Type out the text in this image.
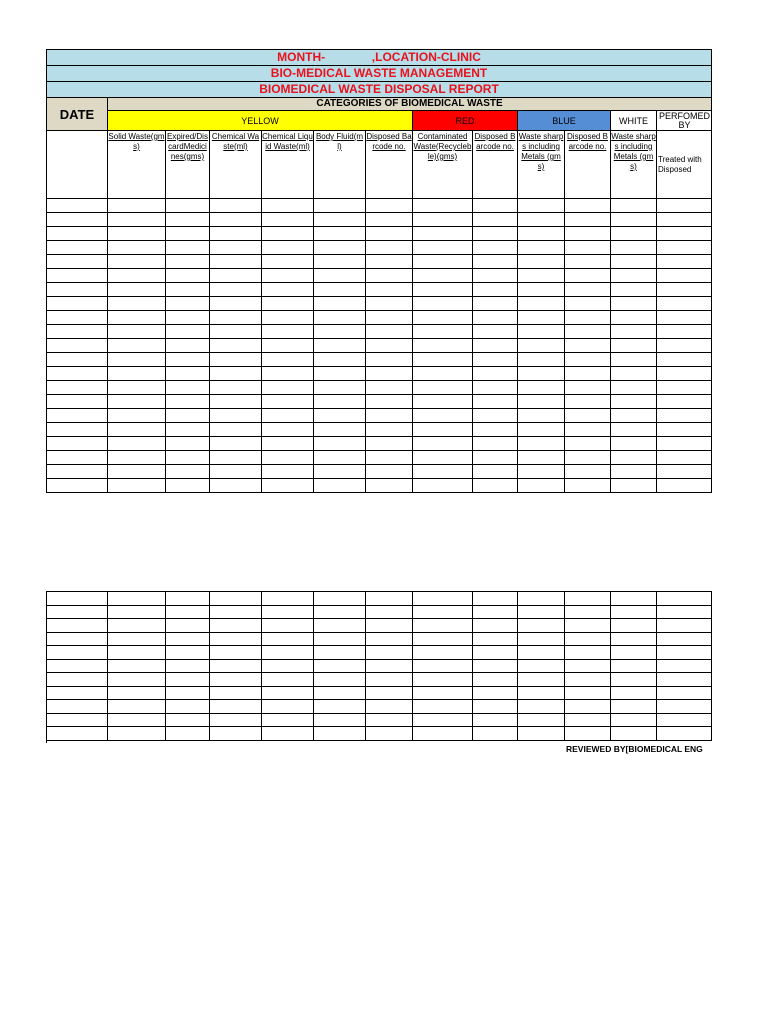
MONTH-              ,LOCATION-CLINIC												
BIO-MEDICAL WASTE MANAGEMENT												
BIOMEDICAL WASTE DISPOSAL REPORT												
DATE	CATEGORIES OF BIOMEDICAL WASTE											
	YELLOW						RED		BLUE		WHITE	PERFOMED BY
	Solid Waste(gms)	Expired/DiscardMedicines(gms)	Chemical Waste(ml)	Chemical Liquid Waste(ml)	Body Fluid(ml)	Disposed Barcode no.	Contaminated Waste(Recycleble)(gms)	Disposed Barcode no.	Waste sharps including Metals (gms)	Disposed Barcode no.	Waste sharps including Metals (gms)	Treated with Disposed

REVIEWED BY[BIOMEDICAL ENG
